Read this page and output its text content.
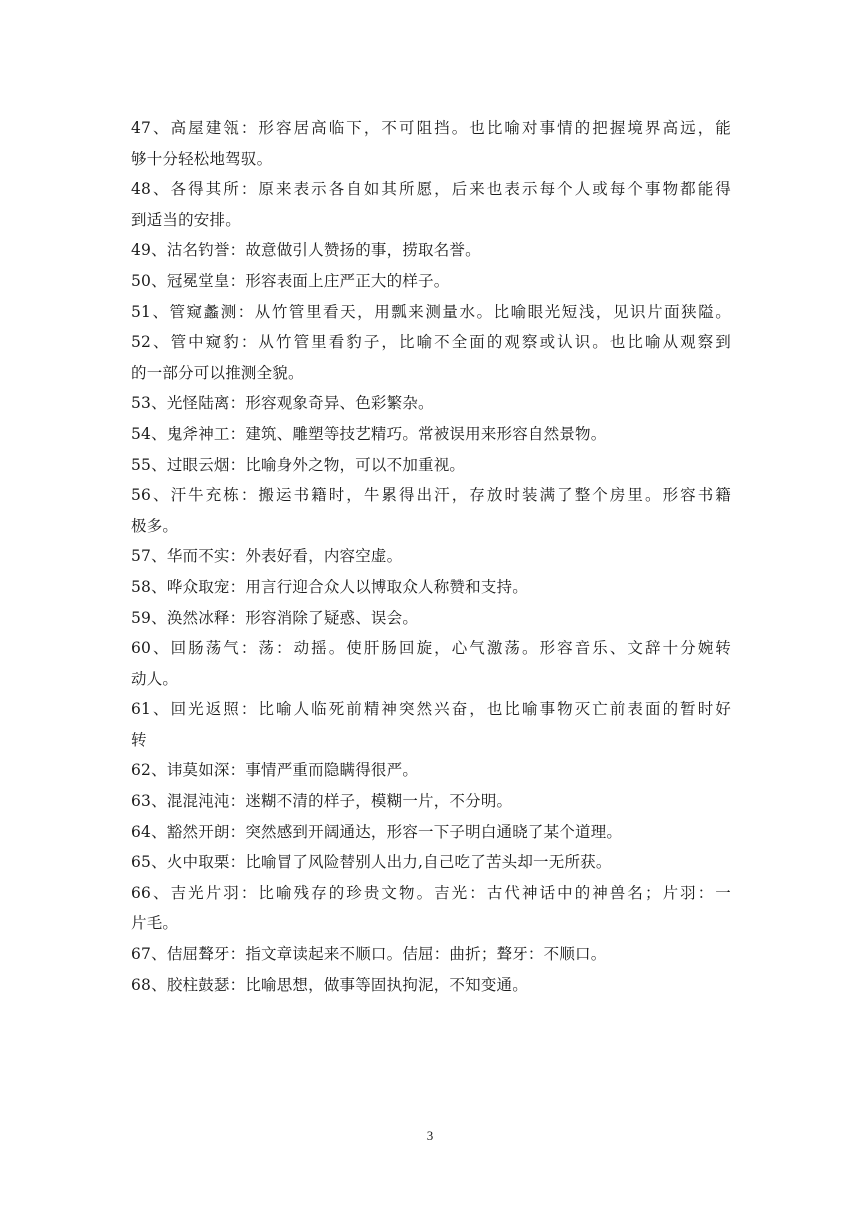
47、高屋建瓴：形容居高临下，不可阻挡。也比喻对事情的把握境界高远，能
够十分轻松地驾驭。
48、各得其所：原来表示各自如其所愿，后来也表示每个人或每个事物都能得
到适当的安排。
49、沽名钓誉：故意做引人赞扬的事，捞取名誉。
50、冠冕堂皇：形容表面上庄严正大的样子。
51、管窥蠡测：从竹管里看天，用瓢来测量水。比喻眼光短浅，见识片面狭隘。
52、管中窥豹：从竹管里看豹子，比喻不全面的观察或认识。也比喻从观察到
的一部分可以推测全貌。
53、光怪陆离：形容观象奇异、色彩繁杂。
54、鬼斧神工：建筑、雕塑等技艺精巧。常被误用来形容自然景物。
55、过眼云烟：比喻身外之物，可以不加重视。
56、汗牛充栋：搬运书籍时，牛累得出汗，存放时装满了整个房里。形容书籍
极多。
57、华而不实：外表好看，内容空虚。
58、哗众取宠：用言行迎合众人以博取众人称赞和支持。
59、涣然冰释：形容消除了疑惑、误会。
60、回肠荡气：荡：动摇。使肝肠回旋，心气激荡。形容音乐、文辞十分婉转
动人。
61、回光返照：比喻人临死前精神突然兴奋，也比喻事物灭亡前表面的暂时好
转
62、讳莫如深：事情严重而隐瞒得很严。
63、混混沌沌：迷糊不清的样子，模糊一片，不分明。
64、豁然开朗：突然感到开阔通达，形容一下子明白通晓了某个道理。
65、火中取栗：比喻冒了风险替别人出力,自己吃了苦头却一无所获。
66、吉光片羽：比喻残存的珍贵文物。吉光：古代神话中的神兽名；片羽：一
片毛。
67、佶屈聱牙：指文章读起来不顺口。佶屈：曲折；聱牙：不顺口。
68、胶柱鼓瑟：比喻思想，做事等固执拘泥，不知变通。
3
